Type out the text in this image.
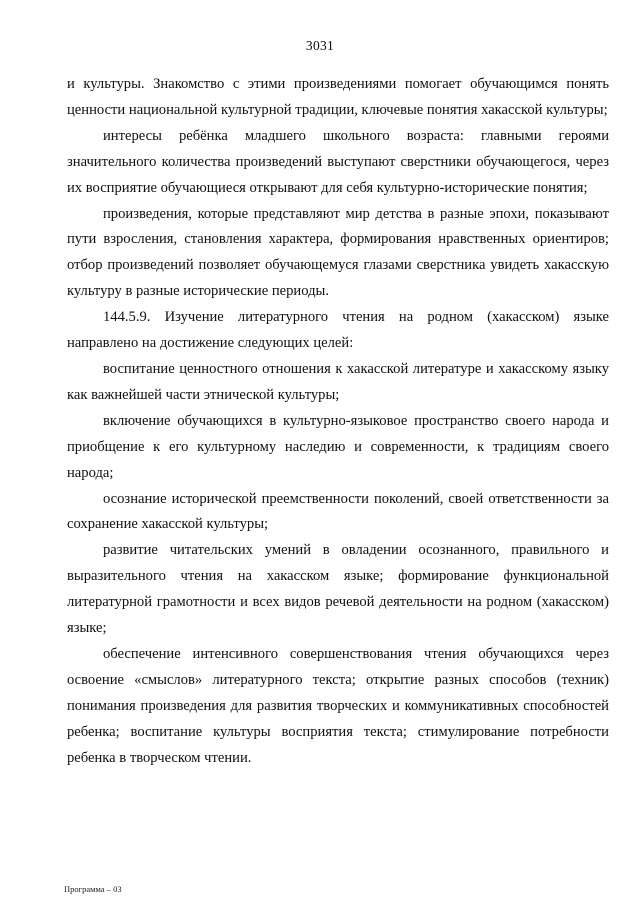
3031

и культуры. Знакомство с этими произведениями помогает обучающимся понять ценности национальной культурной традиции, ключевые понятия хакасской культуры;

интересы ребёнка младшего школьного возраста: главными героями значительного количества произведений выступают сверстники обучающегося, через их восприятие обучающиеся открывают для себя культурно-исторические понятия;

произведения, которые представляют мир детства в разные эпохи, показывают пути взросления, становления характера, формирования нравственных ориентиров; отбор произведений позволяет обучающемуся глазами сверстника увидеть хакасскую культуру в разные исторические периоды.

144.5.9. Изучение литературного чтения на родном (хакасском) языке направлено на достижение следующих целей:

воспитание ценностного отношения к хакасской литературе и хакасскому языку как важнейшей части этнической культуры;

включение обучающихся в культурно-языковое пространство своего народа и приобщение к его культурному наследию и современности, к традициям своего народа;

осознание исторической преемственности поколений, своей ответственности за сохранение хакасской культуры;

развитие читательских умений в овладении осознанного, правильного и выразительного чтения на хакасском языке; формирование функциональной литературной грамотности и всех видов речевой деятельности на родном (хакасском) языке;

обеспечение интенсивного совершенствования чтения обучающихся через освоение «смыслов» литературного текста; открытие разных способов (техник) понимания произведения для развития творческих и коммуникативных способностей ребенка; воспитание культуры восприятия текста; стимулирование потребности ребенка в творческом чтении.

Программа – 03
